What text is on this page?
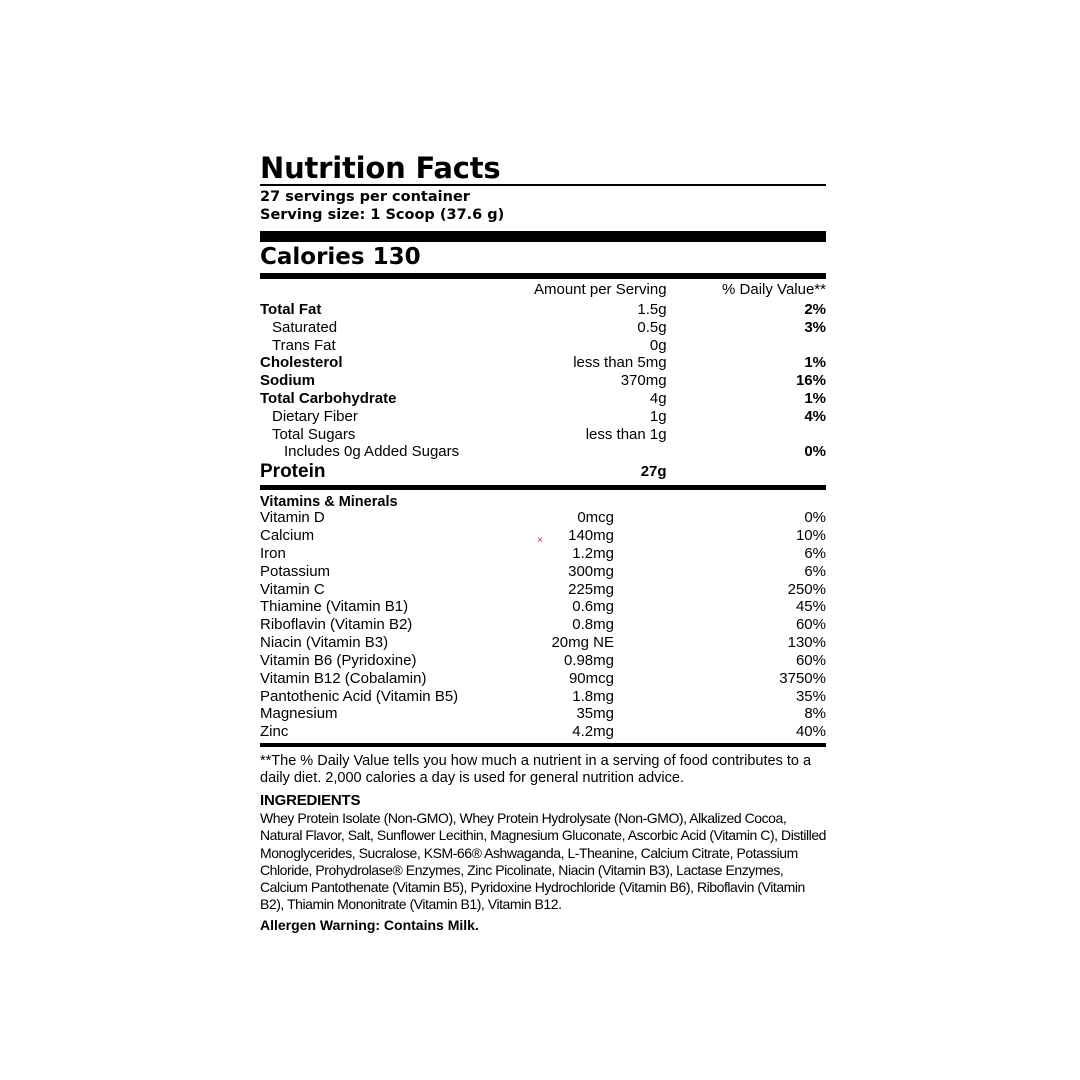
Nutrition Facts
27 servings per container
Serving size: 1 Scoop (37.6 g)
Calories 130
	Amount per Serving	% Daily Value**
Total Fat	1.5g	2%
Saturated	0.5g	3%
Trans Fat	0g	
Cholesterol	less than 5mg	1%
Sodium	370mg	16%
Total Carbohydrate	4g	1%
Dietary Fiber	1g	4%
Total Sugars	less than 1g	
Includes 0g Added Sugars		0%
Protein	27g	
Vitamins & Minerals
Vitamin D	0mcg	0%
Calcium	140mg	10%
Iron	1.2mg	6%
Potassium	300mg	6%
Vitamin C	225mg	250%
Thiamine (Vitamin B1)	0.6mg	45%
Riboflavin (Vitamin B2)	0.8mg	60%
Niacin (Vitamin B3)	20mg NE	130%
Vitamin B6 (Pyridoxine)	0.98mg	60%
Vitamin B12 (Cobalamin)	90mcg	3750%
Pantothenic Acid (Vitamin B5)	1.8mg	35%
Magnesium	35mg	8%
Zinc	4.2mg	40%
**The % Daily Value tells you how much a nutrient in a serving of food contributes to a daily diet. 2,000 calories a day is used for general nutrition advice.
INGREDIENTS
Whey Protein Isolate (Non-GMO), Whey Protein Hydrolysate (Non-GMO), Alkalized Cocoa, Natural Flavor, Salt, Sunflower Lecithin, Magnesium Gluconate, Ascorbic Acid (Vitamin C), Distilled Monoglycerides, Sucralose, KSM-66® Ashwaganda, L-Theanine, Calcium Citrate, Potassium Chloride, Prohydrolase® Enzymes, Zinc Picolinate, Niacin (Vitamin B3), Lactase Enzymes, Calcium Pantothenate (Vitamin B5), Pyridoxine Hydrochloride (Vitamin B6), Riboflavin (Vitamin B2), Thiamin Mononitrate (Vitamin B1), Vitamin B12.
Allergen Warning: Contains Milk.
×
